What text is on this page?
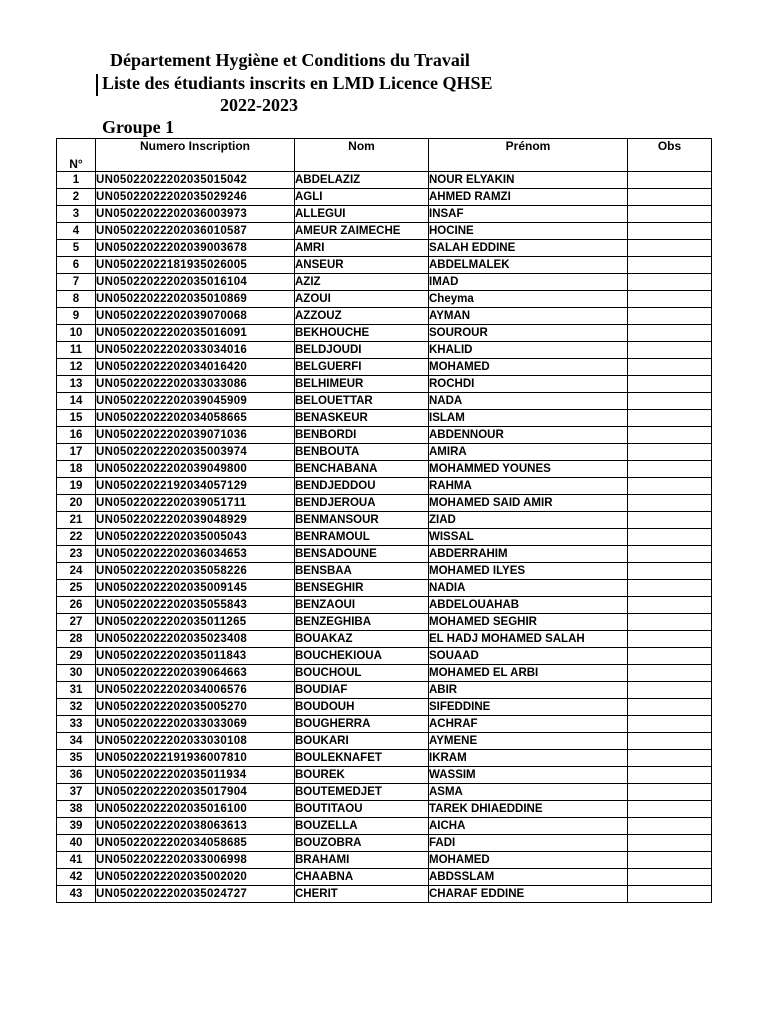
Département Hygiène et Conditions du Travail
Liste des étudiants inscrits en LMD Licence QHSE
2022-2023
Groupe 1
N°	Numero Inscription	Nom	Prénom	Obs
1	UN05022022202035015042	ABDELAZIZ	NOUR ELYAKIN	
2	UN05022022202035029246	AGLI	AHMED RAMZI	
3	UN05022022202036003973	ALLEGUI	INSAF	
4	UN05022022202036010587	AMEUR ZAIMECHE	HOCINE	
5	UN05022022202039003678	AMRI	SALAH EDDINE	
6	UN05022022181935026005	ANSEUR	ABDELMALEK	
7	UN05022022202035016104	AZIZ	IMAD	
8	UN05022022202035010869	AZOUI	Cheyma	
9	UN05022022202039070068	AZZOUZ	AYMAN	
10	UN05022022202035016091	BEKHOUCHE	SOUROUR	
11	UN05022022202033034016	BELDJOUDI	KHALID	
12	UN05022022202034016420	BELGUERFI	MOHAMED	
13	UN05022022202033033086	BELHIMEUR	ROCHDI	
14	UN05022022202039045909	BELOUETTAR	NADA	
15	UN05022022202034058665	BENASKEUR	ISLAM	
16	UN05022022202039071036	BENBORDI	ABDENNOUR	
17	UN05022022202035003974	BENBOUTA	AMIRA	
18	UN05022022202039049800	BENCHABANA	MOHAMMED YOUNES	
19	UN05022022192034057129	BENDJEDDOU	RAHMA	
20	UN05022022202039051711	BENDJEROUA	MOHAMED SAID AMIR	
21	UN05022022202039048929	BENMANSOUR	ZIAD	
22	UN05022022202035005043	BENRAMOUL	WISSAL	
23	UN05022022202036034653	BENSADOUNE	ABDERRAHIM	
24	UN05022022202035058226	BENSBAA	MOHAMED ILYES	
25	UN05022022202035009145	BENSEGHIR	NADIA	
26	UN05022022202035055843	BENZAOUI	ABDELOUAHAB	
27	UN05022022202035011265	BENZEGHIBA	MOHAMED SEGHIR	
28	UN05022022202035023408	BOUAKAZ	EL HADJ MOHAMED SALAH	
29	UN05022022202035011843	BOUCHEKIOUA	SOUAAD	
30	UN05022022202039064663	BOUCHOUL	MOHAMED EL ARBI	
31	UN05022022202034006576	BOUDIAF	ABIR	
32	UN05022022202035005270	BOUDOUH	SIFEDDINE	
33	UN05022022202033033069	BOUGHERRA	ACHRAF	
34	UN05022022202033030108	BOUKARI	AYMENE	
35	UN05022022191936007810	BOULEKNAFET	IKRAM	
36	UN05022022202035011934	BOUREK	WASSIM	
37	UN05022022202035017904	BOUTEMEDJET	ASMA	
38	UN05022022202035016100	BOUTITAOU	TAREK DHIAEDDINE	
39	UN05022022202038063613	BOUZELLA	AICHA	
40	UN05022022202034058685	BOUZOBRA	FADI	
41	UN05022022202033006998	BRAHAMI	MOHAMED	
42	UN05022022202035002020	CHAABNA	ABDSSLAM	
43	UN05022022202035024727	CHERIT	CHARAF EDDINE	
